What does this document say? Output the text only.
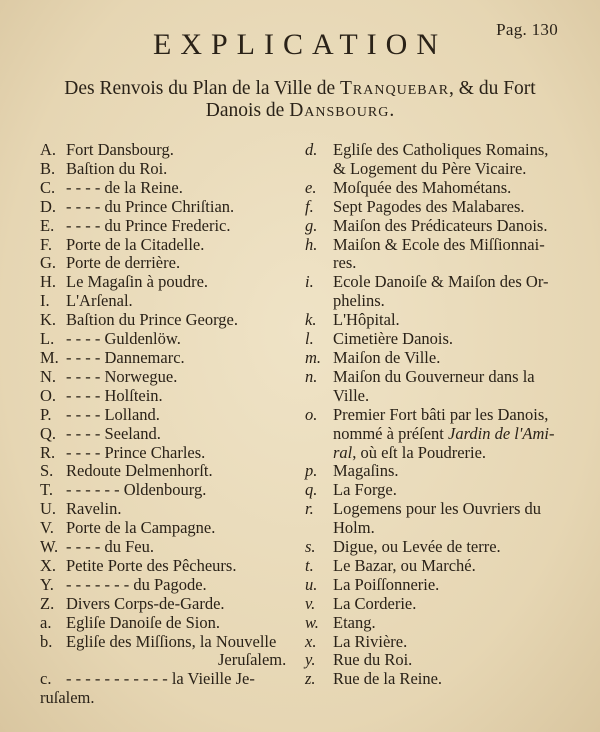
Pag. 130
EXPLICATION
Des Renvois du Plan de la Ville de Tranquebar, & du Fort
Danois de Dansbourg.
A. Fort Dansbourg.
B. Baſtion du Roi.
C. - - - - de la Reine.
D. - - - - du Prince Chriſtian.
E. - - - - du Prince Frederic.
F. Porte de la Citadelle.
G. Porte de derrière.
H. Le Magaſin à poudre.
I. L'Arſenal.
K. Baſtion du Prince George.
L. - - - - Guldenlöw.
M. - - - - Dannemarc.
N. - - - - Norwegue.
O. - - - - Holſtein.
P. - - - - Lolland.
Q. - - - - Seeland.
R. - - - - Prince Charles.
S. Redoute Delmenhorſt.
T. - - - - - - Oldenbourg.
U. Ravelin.
V. Porte de la Campagne.
W. - - - - du Feu.
X. Petite Porte des Pêcheurs.
Y. - - - - - - - du Pagode.
Z. Divers Corps-de-Garde.
a. Egliſe Danoiſe de Sion.
b. Egliſe des Miſſions, la Nouvelle
Jeruſalem.
c. - - - - - - - - - - - la Vieille Je-
ruſalem.
d. Egliſe des Catholiques Romains,
& Logement du Père Vicaire.
e.	Moſquée des Mahométans.
f.	Sept Pagodes des Malabares.
g. Maiſon des Prédicateurs Danois.
h. Maiſon & Ecole des Miſſionnai-
res.
i.	Ecole Danoiſe & Maiſon des Or-
phelins.
k.	L'Hôpital.
l.	Cimetière Danois.
m. Maiſon de Ville.
n. Maiſon du Gouverneur dans la
Ville.
o. Premier Fort bâti par les Danois,
nommé à préſent Jardin de l'Ami-
ral, où eſt la Poudrerie.
p. Magaſins.
q. La Forge.
r.	Logemens pour les Ouvriers du
Holm.
s.	Digue, ou Levée de terre.
t.	Le Bazar, ou Marché.
u. La Poiſſonnerie.
v.	La Corderie.
w. Etang.
x.	La Rivière.
y.	Rue du Roi.
z.	Rue de la Reine.
